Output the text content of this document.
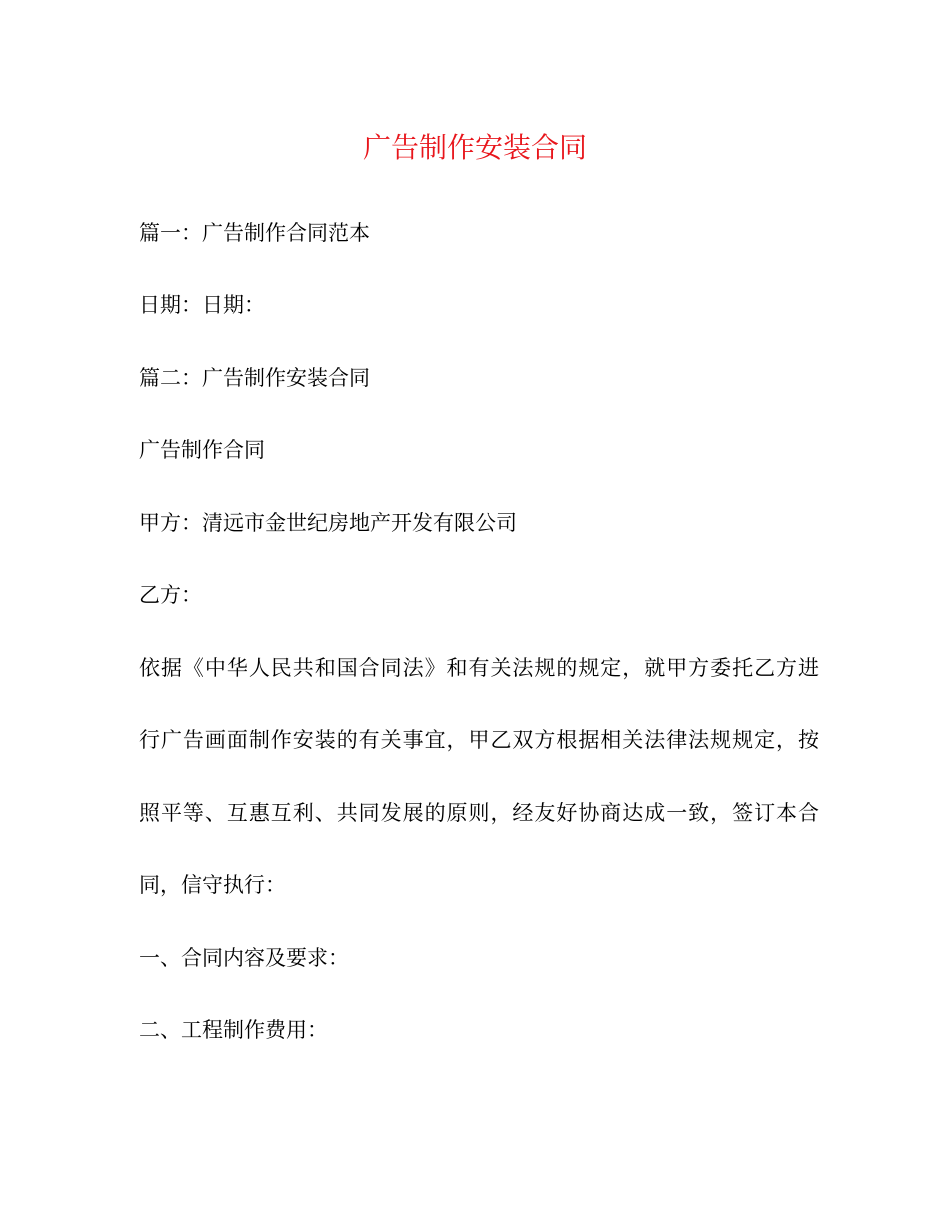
广告制作安装合同

篇一：广告制作合同范本

日期：日期：

篇二：广告制作安装合同

广告制作合同

甲方：清远市金世纪房地产开发有限公司

乙方：

依据《中华人民共和国合同法》和有关法规的规定，就甲方委托乙方进

行广告画面制作安装的有关事宜，甲乙双方根据相关法律法规规定，按

照平等、互惠互利、共同发展的原则，经友好协商达成一致，签订本合

同，信守执行：

一、合同内容及要求：

二、工程制作费用：
